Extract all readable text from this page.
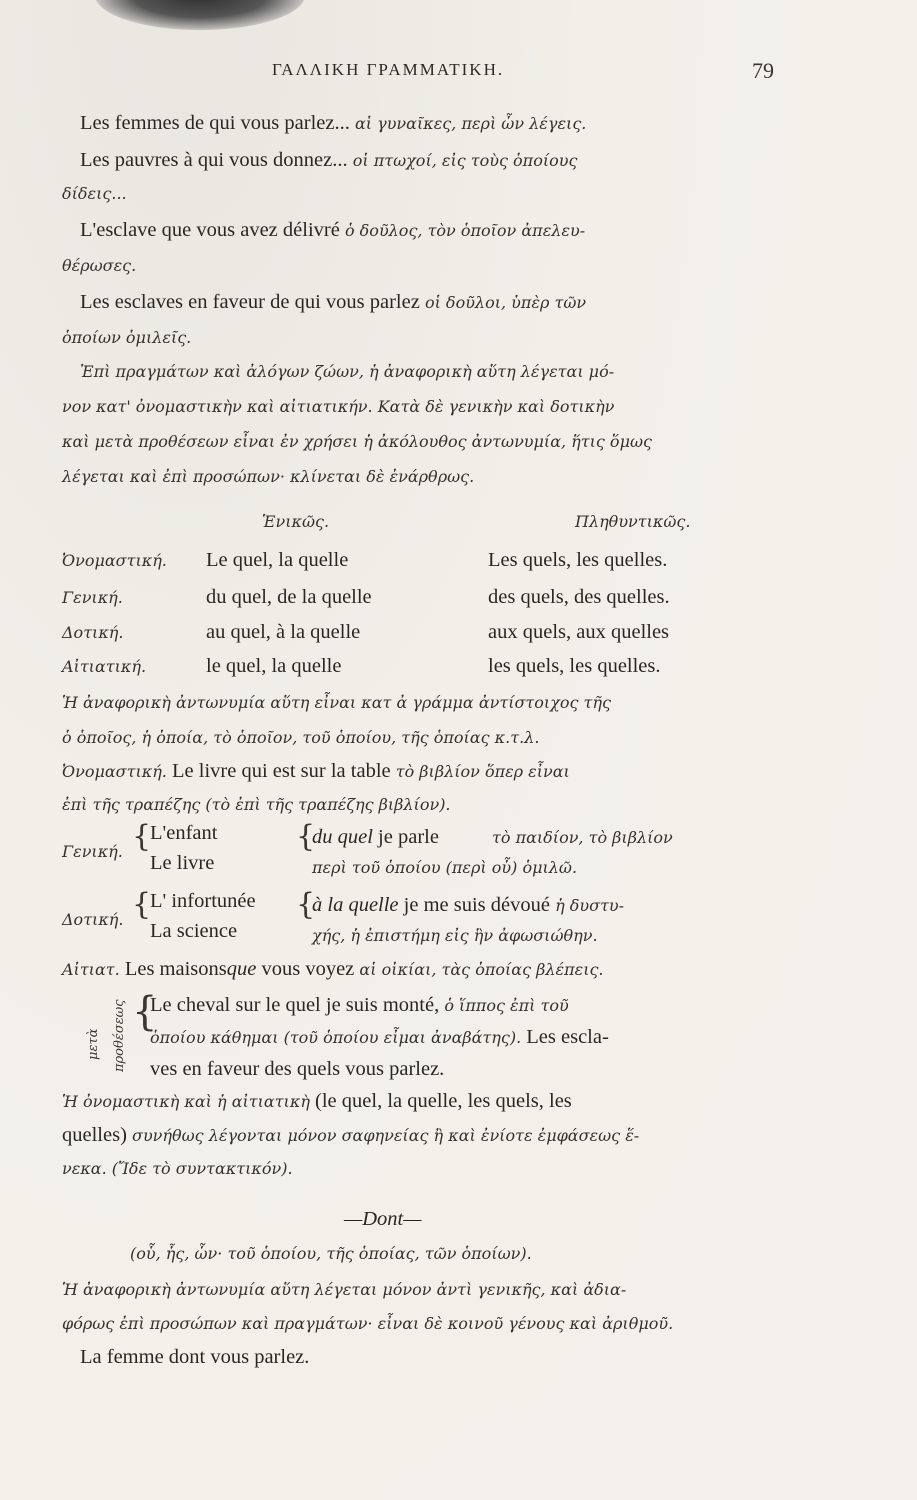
ΓΑΛΛΙΚΗ ΓΡΑΜΜΑΤΙΚΗ.	79
Les femmes de qui vous parlez... αἱ γυναῖκες, περὶ ὧν λέγεις.
Les pauvres à qui vous donnez... οἱ πτωχοί, εἰς τοὺς ὁποίους
δίδεις...
L'esclave que vous avez délivré ὁ δοῦλος, τὸν ὁποῖον ἀπελευ-
θέρωσες.
Les esclaves en faveur de qui vous parlez οἱ δοῦλοι, ὑπὲρ τῶν
ὁποίων ὁμιλεῖς.
Ἐπὶ πραγμάτων καὶ ἀλόγων ζώων, ἡ ἀναφορικὴ αὕτη λέγεται μό-
νον κατ' ὀνομαστικὴν καὶ αἰτιατικήν. Κατὰ δὲ γενικὴν καὶ δοτικὴν
καὶ μετὰ προθέσεων εἶναι ἐν χρήσει ἡ ἀκόλουθος ἀντωνυμία, ἥτις ὅμως
λέγεται καὶ ἐπὶ προσώπων· κλίνεται δὲ ἐνάρθρως.
Ἑνικῶς.	Πληθυντικῶς.
Ὀνομαστική. Le quel, la quelle	Les quels, les quelles.
Γενική.	du quel, de la quelle	des quels, des quelles.
Δοτική.	au quel, à la quelle	aux quels, aux quelles
Αἰτιατική.	le quel, la quelle	les quels, les quelles.
Ἡ ἀναφορικὴ ἀντωνυμία αὕτη εἶναι κατ ἀ γράμμα ἀντίστοιχος τῆς
ὁ ὁποῖος, ἡ ὁποία, τὸ ὁποῖον, τοῦ ὁποίου, τῆς ὁποίας κ.τ.λ.
Ὀνομαστική. Le livre qui est sur la table τὸ βιβλίον ὅπερ εἶναι
ἐπὶ τῆς τραπέζης (τὸ ἐπὶ τῆς τραπέζης βιβλίον).
Γενική. {
L'enfant
Le livre
{
du quel je parle	τὸ παιδίον, τὸ βιβλίον
περὶ τοῦ ὁποίου (περὶ οὗ) ὁμιλῶ.
Δοτική. {
L' infortunée
La science
{
à la quelle je me suis dévoué ἡ δυστυ-
χής, ἡ ἐπιστήμη εἰς ἣν ἀφωσιώθην.
Αἰτιατ. Les maisonsque vous voyez αἱ οἰκίαι, τὰς ὁποίας βλέπεις.
μετὰ προθέσεως {
Le cheval sur le quel je suis monté, ὁ ἵππος ἐπὶ τοῦ
ὁποίου κάθημαι (τοῦ ὁποίου εἶμαι ἀναβάτης). Les escla-
ves en faveur des quels vous parlez.
Ἡ ὀνομαστικὴ καὶ ἡ αἰτιατικὴ (le quel, la quelle, les quels, les
quelles) συνήθως λέγονται μόνον σαφηνείας ἢ καὶ ἐνίοτε ἐμφάσεως ἕ-
νεκα. (Ἴδε τὸ συντακτικόν).
—Dont—
(οὗ, ἧς, ὧν· τοῦ ὁποίου, τῆς ὁποίας, τῶν ὁποίων).
Ἡ ἀναφορικὴ ἀντωνυμία αὕτη λέγεται μόνον ἀντὶ γενικῆς, καὶ ἀδια-
φόρως ἐπὶ προσώπων καὶ πραγμάτων· εἶναι δὲ κοινοῦ γένους καὶ ἀριθμοῦ.
La femme dont vous parlez.
